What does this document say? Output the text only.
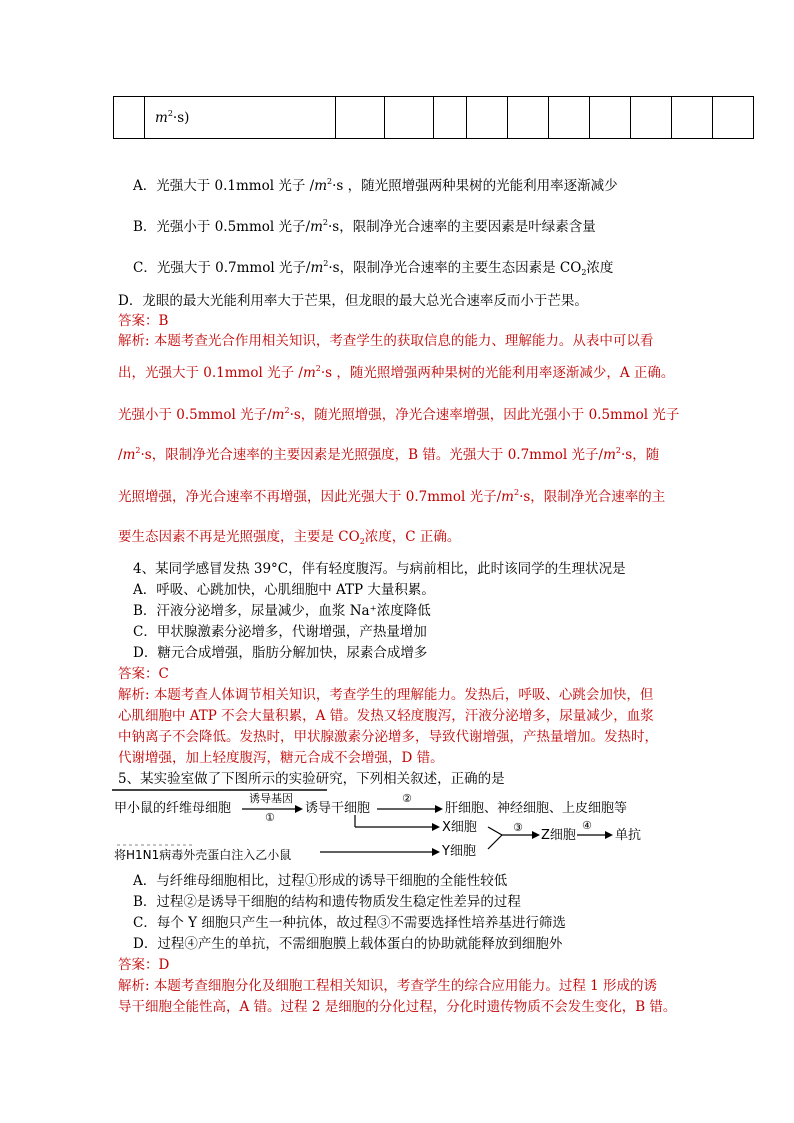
	$m^2\cdot s$)										
A．光强大于 0.1mmol 光子 $/m^2\cdot s$ ，随光照增强两种果树的光能利用率逐渐减少
B．光强小于 0.5mmol 光子$/m^2\cdot s$，限制净光合速率的主要因素是叶绿素含量
C．光强大于 0.7mmol 光子$/m^2\cdot s$，限制净光合速率的主要生态因素是 $CO_2$浓度
D．龙眼的最大光能利用率大于芒果，但龙眼的最大总光合速率反而小于芒果。
答案：B
解析: 本题考查光合作用相关知识，考查学生的获取信息的能力、理解能力。从表中可以看
出，光强大于 0.1mmol 光子 $/m^2\cdot s$ ，随光照增强两种果树的光能利用率逐渐减少，A 正确。
光强小于 0.5mmol 光子$/m^2\cdot s$，随光照增强，净光合速率增强，因此光强小于 0.5mmol 光子
$/m^2\cdot s$，限制净光合速率的主要因素是光照强度，B 错。光强大于 0.7mmol 光子$/m^2\cdot s$，随
光照增强，净光合速率不再增强，因此光强大于 0.7mmol 光子$/m^2\cdot s$，限制净光合速率的主
要生态因素不再是光照强度，主要是 $CO_2$浓度，C 正确。
4、某同学感冒发热 39°C，伴有轻度腹泻。与病前相比，此时该同学的生理状况是
A．呼吸、心跳加快，心肌细胞中 ATP 大量积累。
B．汗液分泌增多，尿量减少，血浆 Na⁺浓度降低
C．甲状腺激素分泌增多，代谢增强，产热量增加
D．糖元合成增强，脂肪分解加快，尿素合成增多
答案：C
解析: 本题考查人体调节相关知识，考查学生的理解能力。发热后，呼吸、心跳会加快，但
心肌细胞中 ATP 不会大量积累，A 错。发热又轻度腹泻，汗液分泌增多，尿量减少，血浆
中钠离子不会降低。发热时，甲状腺激素分泌增多，导致代谢增强，产热量增加。发热时，
代谢增强，加上轻度腹泻，糖元合成不会增强，D 错。
5、某实验室做了下图所示的实验研究，下列相关叙述，正确的是
甲小鼠的纤维母细胞
诱导基因
①
诱导干细胞
②
肝细胞、神经细胞、上皮细胞等
X细胞	③
Z细胞
④
单抗
将H1N1病毒外壳蛋白注入乙小鼠	Y细胞
A．与纤维母细胞相比，过程①形成的诱导干细胞的全能性较低
B．过程②是诱导干细胞的结构和遗传物质发生稳定性差异的过程
C．每个 Y 细胞只产生一种抗体，故过程③不需要选择性培养基进行筛选
D．过程④产生的单抗，不需细胞膜上载体蛋白的协助就能释放到细胞外
答案：D
解析: 本题考查细胞分化及细胞工程相关知识，考查学生的综合应用能力。过程 1 形成的诱
导干细胞全能性高，A 错。过程 2 是细胞的分化过程，分化时遗传物质不会发生变化，B 错。
